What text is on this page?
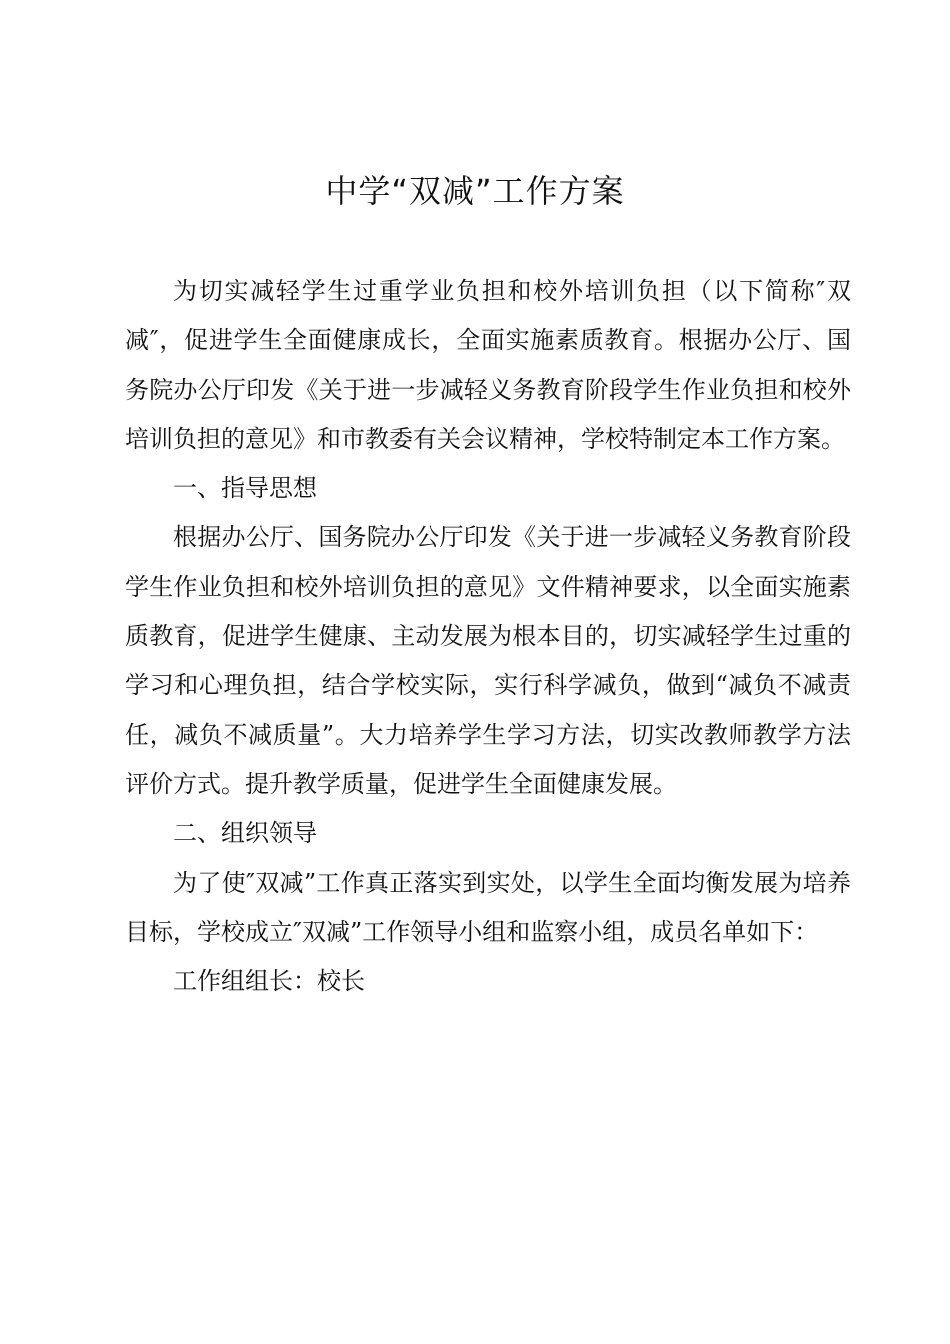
中学“双减”工作方案

为切实减轻学生过重学业负担和校外培训负担（以下简称″双减″，促进学生全面健康成长，全面实施素质教育。根据办公厅、国务院办公厅印发《关于进一步减轻义务教育阶段学生作业负担和校外培训负担的意见》和市教委有关会议精神，学校特制定本工作方案。

一、指导思想

根据办公厅、国务院办公厅印发《关于进一步减轻义务教育阶段学生作业负担和校外培训负担的意见》文件精神要求，以全面实施素质教育，促进学生健康、主动发展为根本目的，切实减轻学生过重的学习和心理负担，结合学校实际，实行科学减负，做到“减负不减责任，减负不减质量”。大力培养学生学习方法，切实改教师教学方法评价方式。提升教学质量，促进学生全面健康发展。

二、组织领导

为了使″双减”工作真正落实到实处，以学生全面均衡发展为培养目标，学校成立″双减”工作领导小组和监察小组，成员名单如下：

工作组组长：校长
